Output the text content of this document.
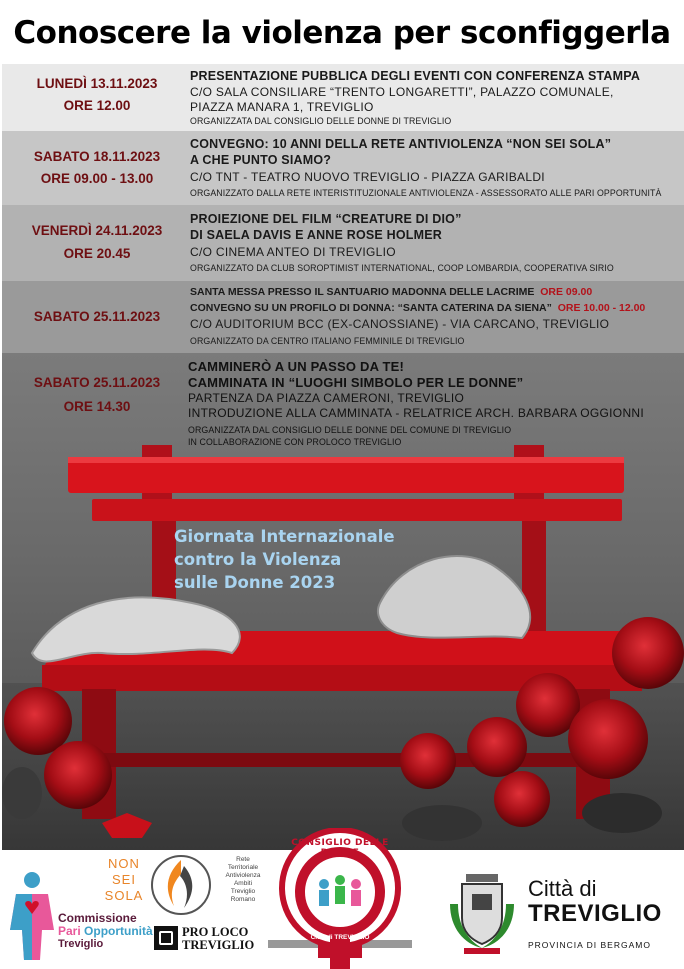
Conoscere la violenza per sconfiggerla
LUNEDÌ 13.11.2023
ORE 12.00
PRESENTAZIONE PUBBLICA DEGLI EVENTI CON CONFERENZA STAMPA
C/O SALA CONSILIARE “TRENTO LONGARETTI”, PALAZZO COMUNALE,
PIAZZA MANARA 1, TREVIGLIO
ORGANIZZATA DAL CONSIGLIO DELLE DONNE DI TREVIGLIO
SABATO 18.11.2023
ORE 09.00 - 13.00
CONVEGNO: 10 ANNI DELLA RETE ANTIVIOLENZA “NON SEI SOLA”
A CHE PUNTO SIAMO?
C/O TNT - TEATRO NUOVO TREVIGLIO - PIAZZA GARIBALDI
ORGANIZZATO DALLA RETE INTERISTITUZIONALE ANTIVIOLENZA - ASSESSORATO ALLE PARI OPPORTUNITÀ
VENERDÌ 24.11.2023
ORE 20.45
PROIEZIONE DEL FILM “CREATURE DI DIO”
DI SAELA DAVIS E ANNE ROSE HOLMER
C/O CINEMA ANTEO DI TREVIGLIO
ORGANIZZATO DA CLUB SOROPTIMIST INTERNATIONAL, COOP LOMBARDIA, COOPERATIVA SIRIO
SABATO 25.11.2023
SANTA MESSA PRESSO IL SANTUARIO MADONNA DELLE LACRIME ORE 09.00
CONVEGNO SU UN PROFILO DI DONNA: “SANTA CATERINA DA SIENA” ORE 10.00 - 12.00
C/O AUDITORIUM BCC (EX-CANOSSIANE) - VIA CARCANO, TREVIGLIO
ORGANIZZATO DA CENTRO ITALIANO FEMMINILE DI TREVIGLIO
CAMMINERÒ A UN PASSO DA TE!
CAMMINATA IN “LUOGHI SIMBOLO PER LE DONNE”
PARTENZA DA PIAZZA CAMERONI, TREVIGLIO
INTRODUZIONE ALLA CAMMINATA - RELATRICE ARCH. BARBARA OGGIONNI
ORGANIZZATA DAL CONSIGLIO DELLE DONNE DEL COMUNE DI TREVIGLIO
IN COLLABORAZIONE CON PROLOCO TREVIGLIO
SABATO 25.11.2023
ORE 14.30
Giornata Internazionale
contro la Violenza
sulle Donne 2023
Commissione
Pari Opportunità
Treviglio
NON
SEI
SOLA
Rete
Territoriale
Antiviolenza
Ambiti
Treviglio
Romano
PRO LOCO
TREVIGLIO
CONSIGLIO DELLE DONNE
Città di TREVIGLIO
Città di
TREVIGLIO
PROVINCIA DI BERGAMO
